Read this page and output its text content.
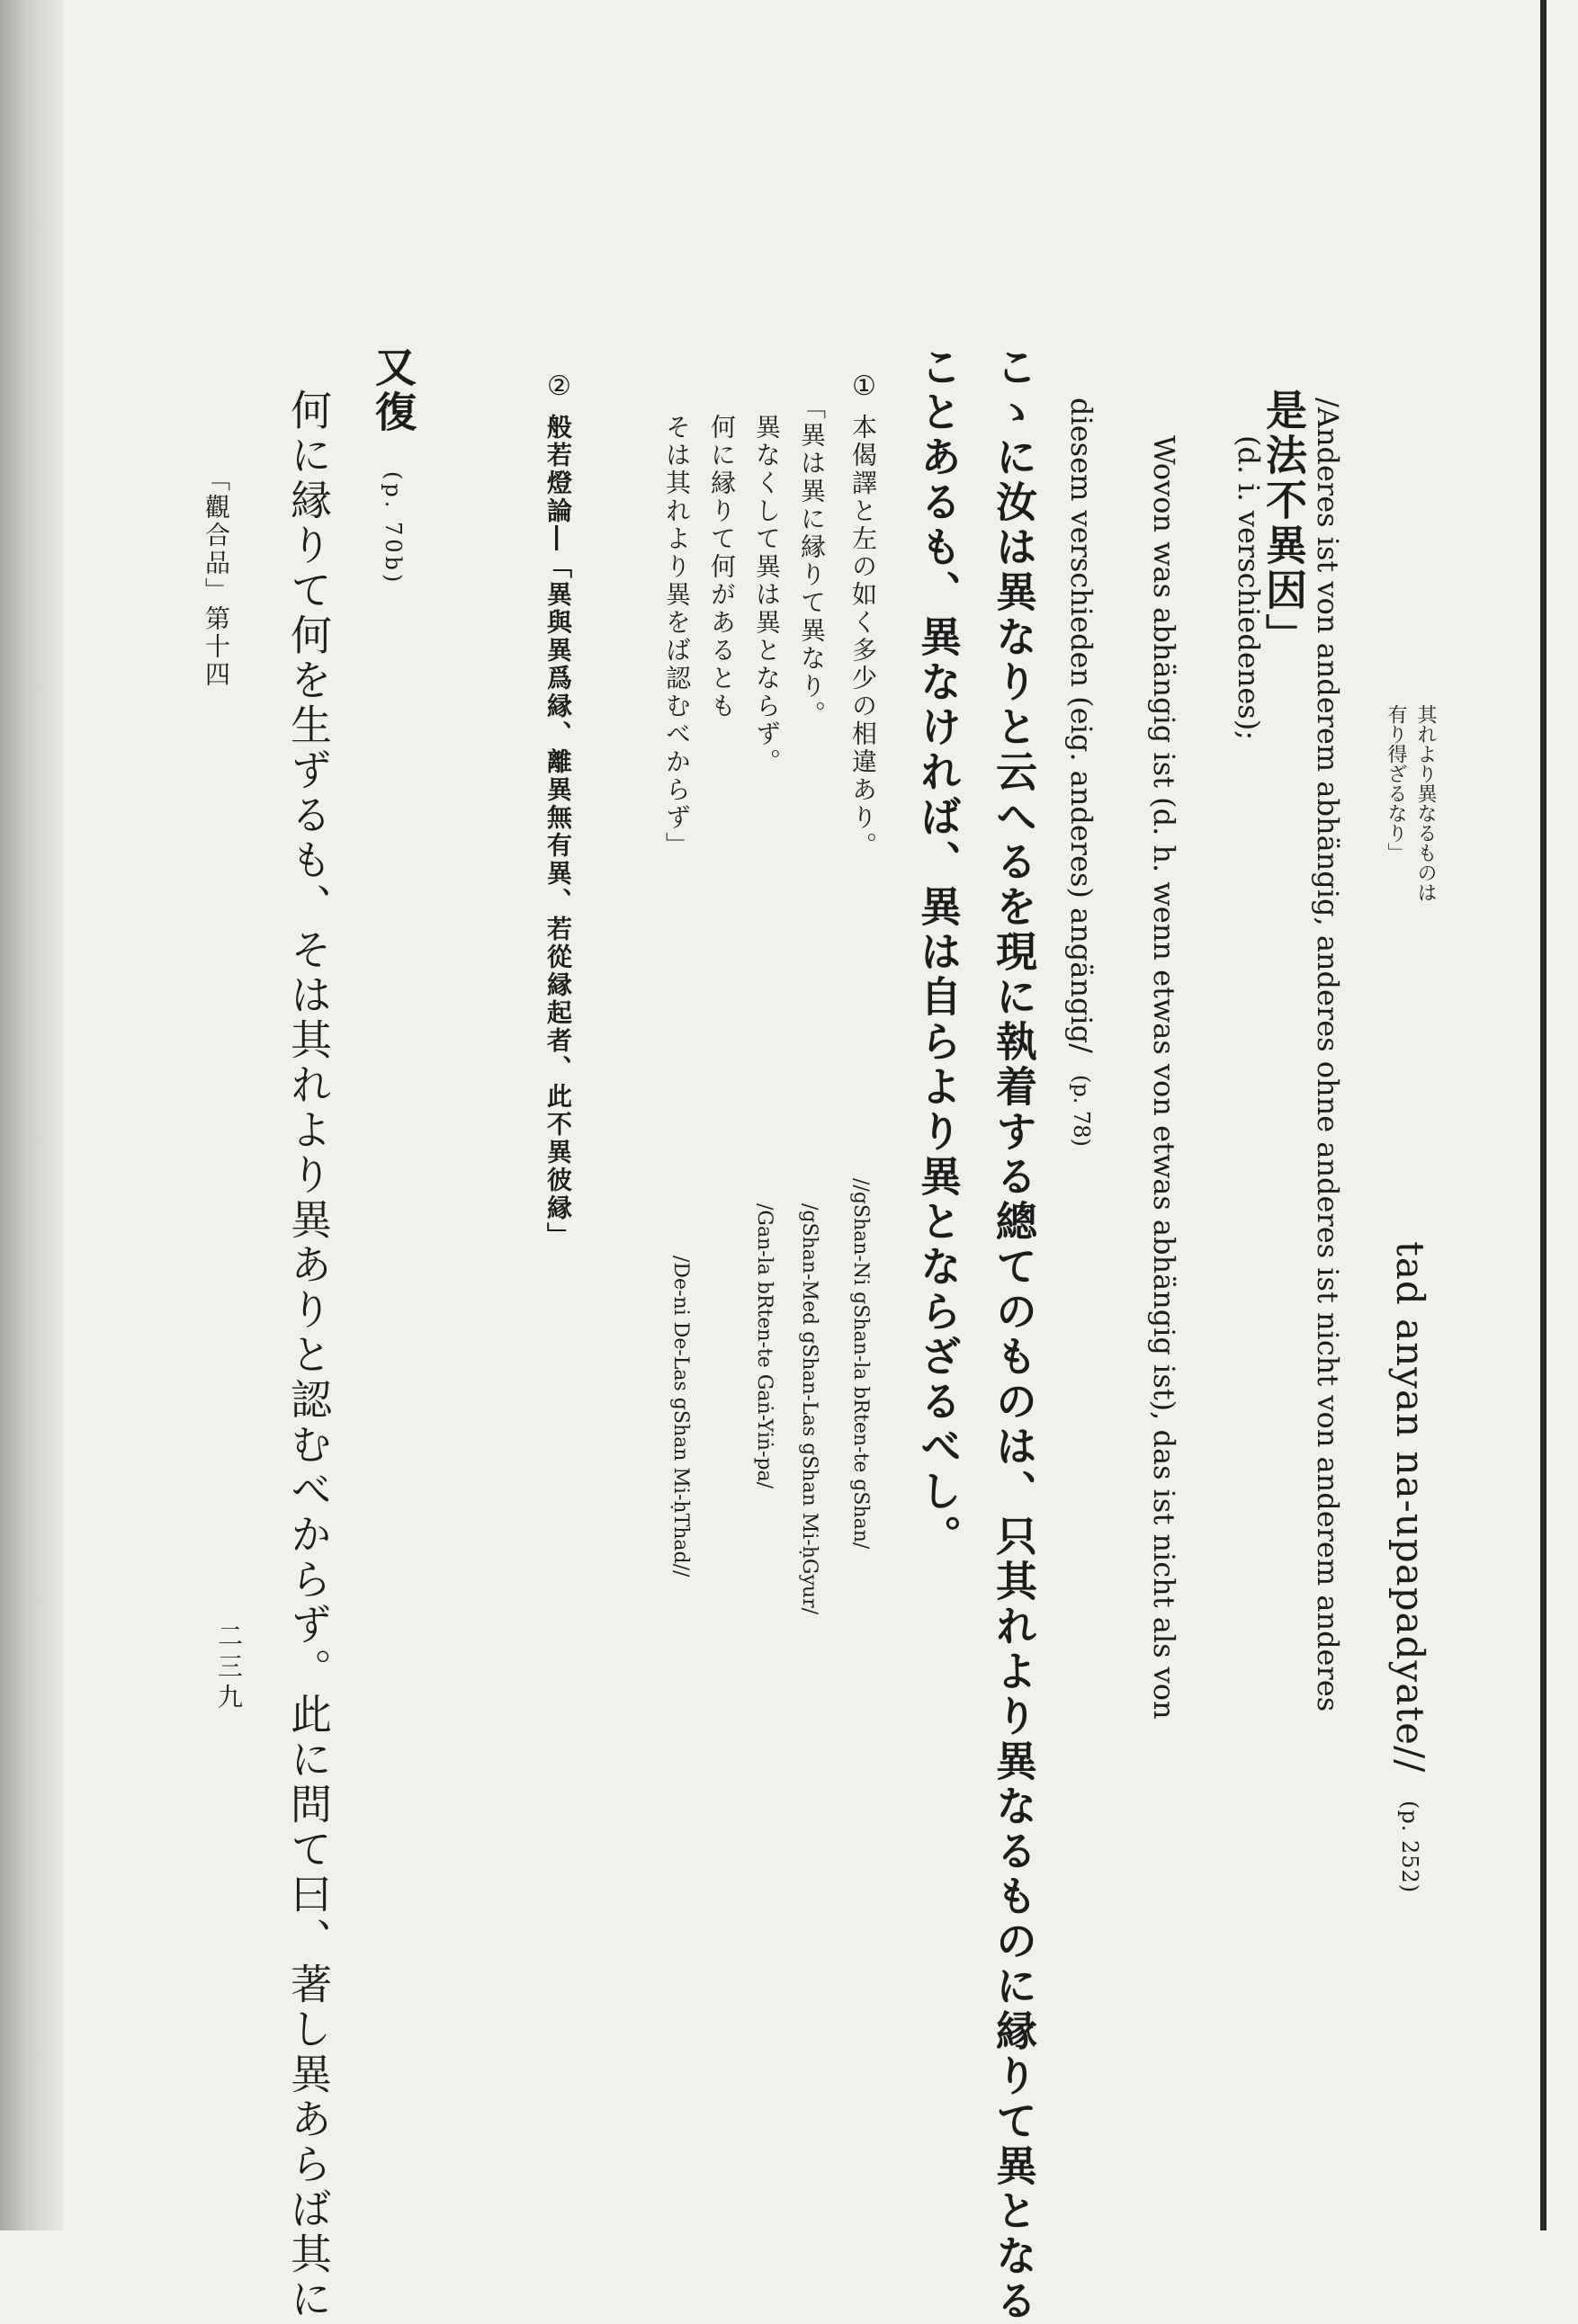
是法不異因」
其れより異なるものは
有り得ざるなり」
tad anyan na-upapadyate// (p. 252)
/Anderes ist von anderem abhängig, anderes ohne anderes ist nicht von anderem anderes
(d. i. verschiedenes);
Wovon was abhängig ist (d. h. wenn etwas von etwas abhängig ist), das ist nicht als von
diesem verschieden (eig. anderes) angängig/ (p. 78)
こゝに汝は異なりと云へるを現に執着する總てのものは、只其れより異なるものに縁りて異となる
ことあるも、異なければ、異は自らより異とならざるべし。
①
本偈譯と左の如く多少の相違あり。
「異は異に縁りて異なり。
異なくして異は異とならず。
何に縁りて何があるとも
そは其れより異をば認むべからず」
//gShan-Ni gShan-la bRten-te gShan/
/gShan-Med gShan-Las gShan Mi-ḥGyur/
/Gan-la bRten-te Gaṅ-Yiṅ-pa/
/De-ni De-Las gShan Mi-ḥThad//
②
般若燈論―「異與異爲縁、離異無有異、若從縁起者、此不異彼縁」
又復 (p. 70b)
何に縁りて何を生ずるも、そは其れより異ありと認むべからず。此に問て曰、著し異あらば其に
「觀合品」第十四
二三九
